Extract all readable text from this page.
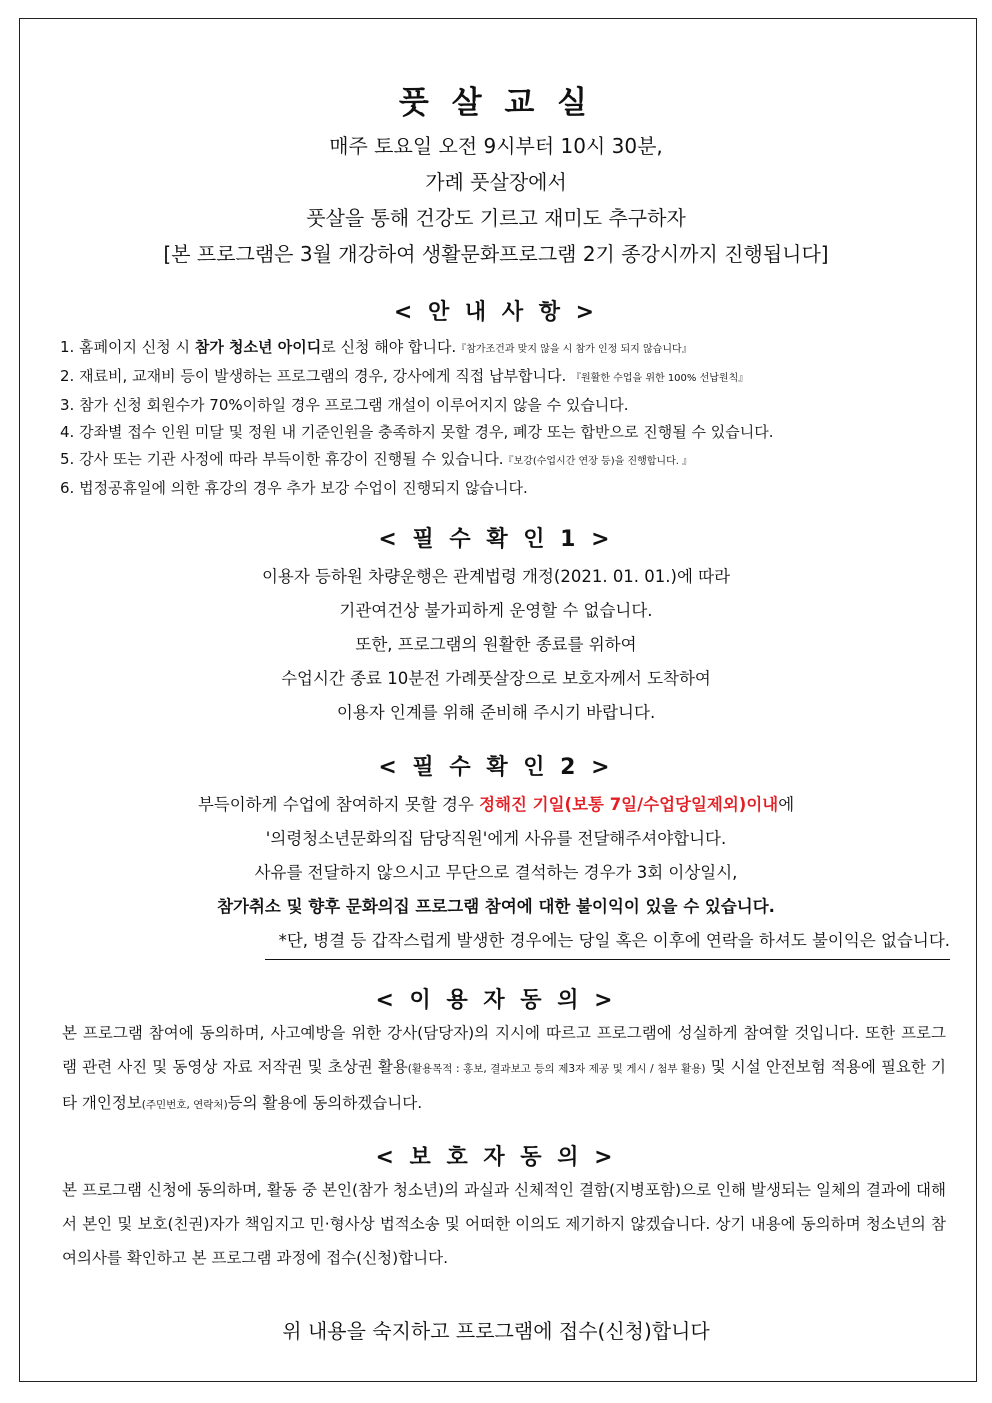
풋 살 교 실
매주 토요일 오전 9시부터 10시 30분,
가례 풋살장에서
풋살을 통해 건강도 기르고 재미도 추구하자
[본 프로그램은 3월 개강하여 생활문화프로그램 2기 종강시까지 진행됩니다]
< 안 내 사 항 >
1. 홈페이지 신청 시 참가 청소년 아이디로 신청 해야 합니다.『참가조건과 맞지 않을 시 참가 인정 되지 않습니다』
2. 재료비, 교재비 등이 발생하는 프로그램의 경우, 강사에게 직접 납부합니다. 『원활한 수업을 위한 100% 선납원칙』
3. 참가 신청 회원수가 70%이하일 경우 프로그램 개설이 이루어지지 않을 수 있습니다.
4. 강좌별 접수 인원 미달 및 정원 내 기준인원을 충족하지 못할 경우, 폐강 또는 합반으로 진행될 수 있습니다.
5. 강사 또는 기관 사정에 따라 부득이한 휴강이 진행될 수 있습니다.『보강(수업시간 연장 등)을 진행합니다. 』
6. 법정공휴일에 의한 휴강의 경우 추가 보강 수업이 진행되지 않습니다.
< 필 수 확 인 1 >

이용자 등하원 차량운행은 관계법령 개정(2021. 01. 01.)에 따라

기관여건상 불가피하게 운영할 수 없습니다.

또한, 프로그램의 원활한 종료를 위하여

수업시간 종료 10분전 가례풋살장으로 보호자께서 도착하여

이용자 인계를 위해 준비해 주시기 바랍니다.

< 필 수 확 인 2 >

부득이하게 수업에 참여하지 못할 경우 정해진 기일(보통 7일/수업당일제외)이내에

'의령청소년문화의집 담당직원'에게 사유를 전달해주셔야합니다.

사유를 전달하지 않으시고 무단으로 결석하는 경우가 3회 이상일시,

참가취소 및 향후 문화의집 프로그램 참여에 대한 불이익이 있을 수 있습니다.

*단, 병결 등 갑작스럽게 발생한 경우에는 당일 혹은 이후에 연락을 하셔도 불이익은 없습니다.

< 이 용 자 동 의 >
본 프로그램 참여에 동의하며, 사고예방을 위한 강사(담당자)의 지시에 따르고 프로그램에 성실하게 참여할 것입니다. 또한 프로그램 관련 사진 및 동영상 자료 저작권 및 초상권 활용(활용목적 : 홍보, 결과보고 등의 제3자 제공 및 게시 / 첨부 활용) 및 시설 안전보험 적용에 필요한 기타 개인정보(주민번호, 연락처)등의 활용에 동의하겠습니다.
< 보 호 자 동 의 >
본 프로그램 신청에 동의하며, 활동 중 본인(참가 청소년)의 과실과 신체적인 결함(지병포함)으로 인해 발생되는 일체의 결과에 대해서 본인 및 보호(친권)자가 책임지고 민·형사상 법적소송 및 어떠한 이의도 제기하지 않겠습니다. 상기 내용에 동의하며 청소년의 참여의사를 확인하고 본 프로그램 과정에 접수(신청)합니다.
위 내용을 숙지하고 프로그램에 접수(신청)합니다
